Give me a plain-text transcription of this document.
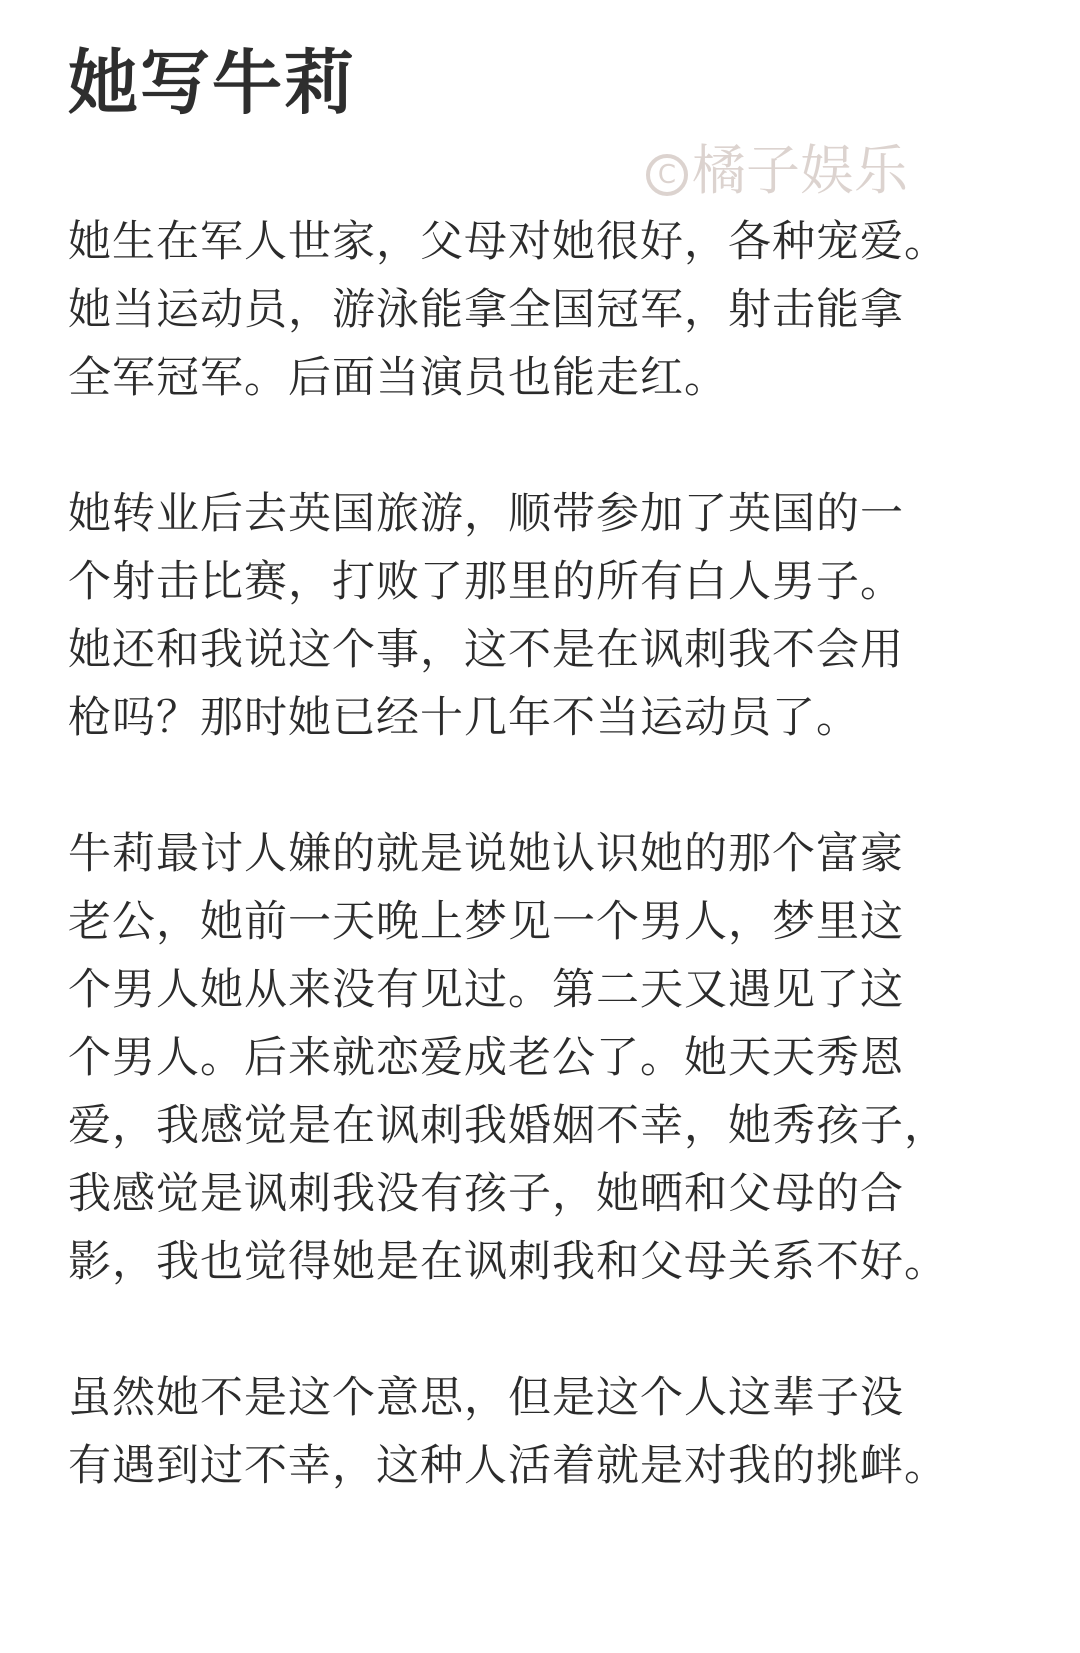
她写牛莉
C 橘子娱乐

她生在军人世家，父母对她很好，各种宠爱。
她当运动员，游泳能拿全国冠军，射击能拿
全军冠军。后面当演员也能走红。

她转业后去英国旅游，顺带参加了英国的一
个射击比赛，打败了那里的所有白人男子。
她还和我说这个事，这不是在讽刺我不会用
枪吗？那时她已经十几年不当运动员了。

牛莉最讨人嫌的就是说她认识她的那个富豪
老公，她前一天晚上梦见一个男人，梦里这
个男人她从来没有见过。第二天又遇见了这
个男人。后来就恋爱成老公了。她天天秀恩
爱，我感觉是在讽刺我婚姻不幸，她秀孩子，
我感觉是讽刺我没有孩子，她晒和父母的合
影，我也觉得她是在讽刺我和父母关系不好。

虽然她不是这个意思，但是这个人这辈子没
有遇到过不幸，这种人活着就是对我的挑衅。
